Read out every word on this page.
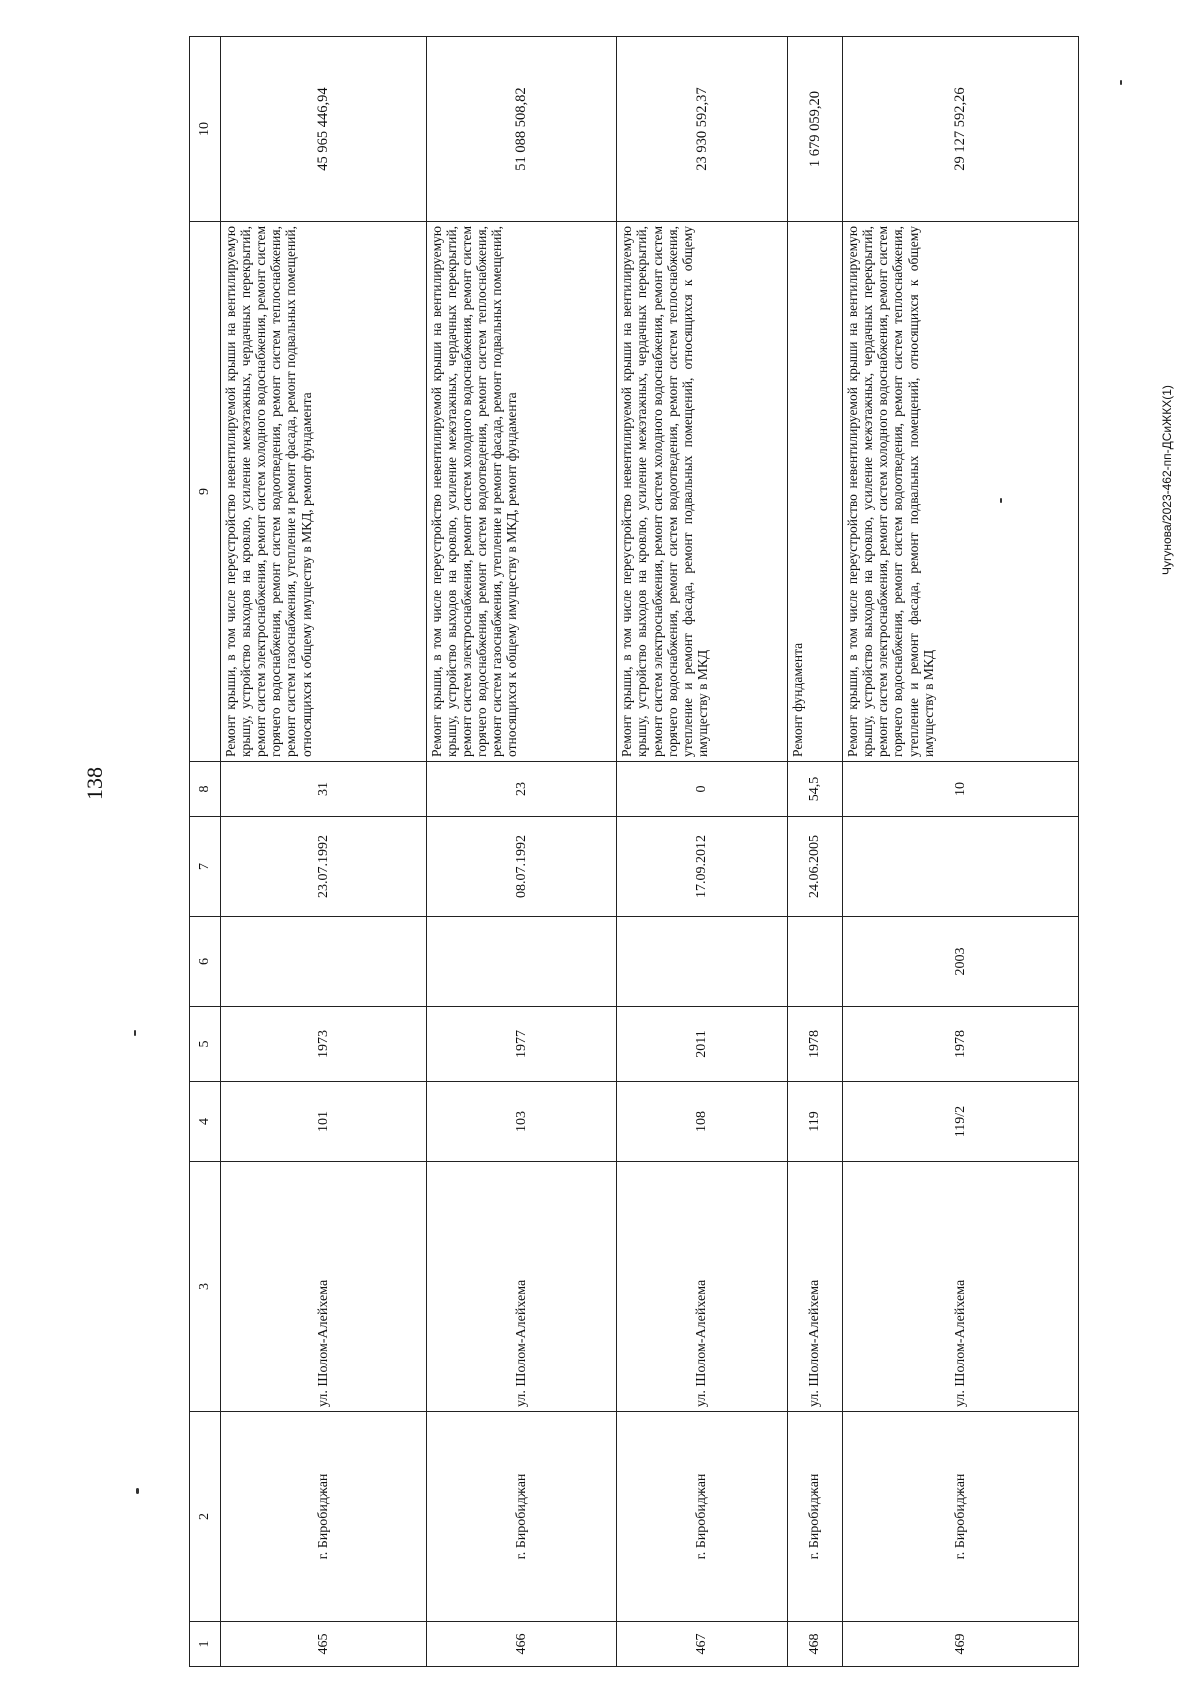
138
Чугунова/2023-462-пп-ДСиЖКХ(1)
1	2	3	4	5	6	7	8	9	10
465	г. Биробиджан	ул. Шолом-Алейхема	101	1973		23.07.1992	31	Ремонт крыши, в том числе переустройство невентилируемой крыши на вентилируемую крышу, устройство выходов на кровлю, усиление межэтажных, чердачных перекрытий, ремонт систем электроснабжения, ремонт систем холодного водоснабжения, ремонт систем горячего водоснабжения, ремонт систем водоотведения, ремонт систем теплоснабжения, ремонт систем газоснабжения, утепление и ремонт фасада, ремонт подвальных помещений, относящихся к общему имуществу в МКД, ремонт фундамента	45 965 446,94
466	г. Биробиджан	ул. Шолом-Алейхема	103	1977		08.07.1992	23	Ремонт крыши, в том числе переустройство невентилируемой крыши на вентилируемую крышу, устройство выходов на кровлю, усиление межэтажных, чердачных перекрытий, ремонт систем электроснабжения, ремонт систем холодного водоснабжения, ремонт систем горячего водоснабжения, ремонт систем водоотведения, ремонт систем теплоснабжения, ремонт систем газоснабжения, утепление и ремонт фасада, ремонт подвальных помещений, относящихся к общему имуществу в МКД, ремонт фундамента	51 088 508,82
467	г. Биробиджан	ул. Шолом-Алейхема	108	2011		17.09.2012	0	Ремонт крыши, в том числе переустройство невентилируемой крыши на вентилируемую крышу, устройство выходов на кровлю, усиление межэтажных, чердачных перекрытий, ремонт систем электроснабжения, ремонт систем холодного водоснабжения, ремонт систем горячего водоснабжения, ремонт систем водоотведения, ремонт систем теплоснабжения, утепление и ремонт фасада, ремонт подвальных помещений, относящихся к общему имуществу в МКД	23 930 592,37
468	г. Биробиджан	ул. Шолом-Алейхема	119	1978		24.06.2005	54,5	Ремонт фундамента	1 679 059,20
469	г. Биробиджан	ул. Шолом-Алейхема	119/2	1978	2003		10	Ремонт крыши, в том числе переустройство невентилируемой крыши на вентилируемую крышу, устройство выходов на кровлю, усиление межэтажных, чердачных перекрытий, ремонт систем электроснабжения, ремонт систем холодного водоснабжения, ремонт систем горячего водоснабжения, ремонт систем водоотведения, ремонт систем теплоснабжения, утепление и ремонт фасада, ремонт подвальных помещений, относящихся к общему имуществу в МКД	29 127 592,26
